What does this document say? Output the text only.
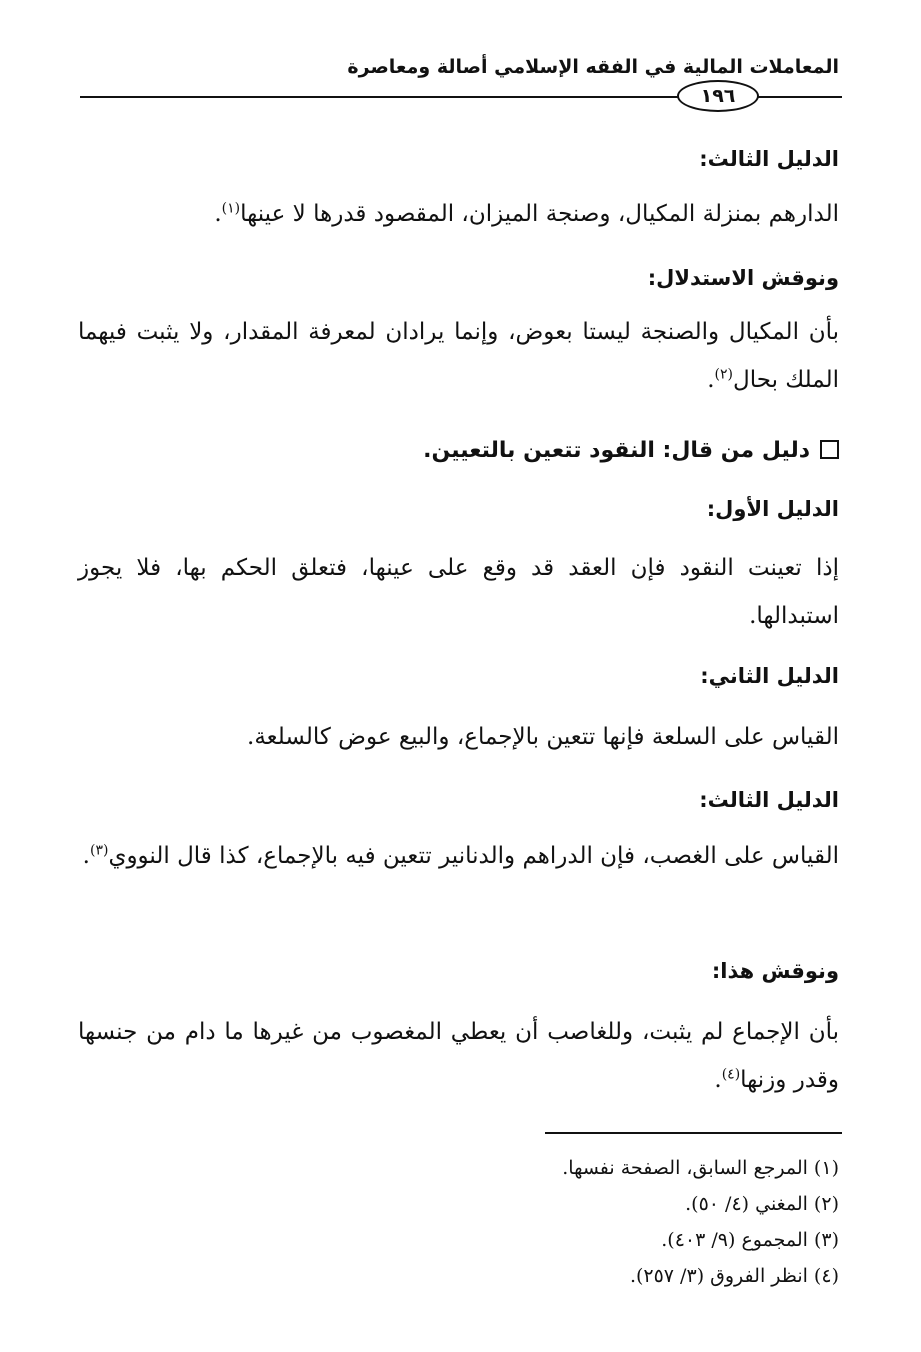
المعاملات المالية في الفقه الإسلامي أصالة ومعاصرة
١٩٦
الدليل الثالث:
الدارهم بمنزلة المكيال، وصنجة الميزان، المقصود قدرها لا عينها$^{(١)}$.
ونوقش الاستدلال:
بأن المكيال والصنجة ليستا بعوض، وإنما يرادان لمعرفة المقدار، ولا يثبت فيهما الملك بحال$^{(٢)}$.
دليل من قال: النقود تتعين بالتعيين.
الدليل الأول:
إذا تعينت النقود فإن العقد قد وقع على عينها، فتعلق الحكم بها، فلا يجوز استبدالها.
الدليل الثاني:
القياس على السلعة فإنها تتعين بالإجماع، والبيع عوض كالسلعة.
الدليل الثالث:
القياس على الغصب، فإن الدراهم والدنانير تتعين فيه بالإجماع، كذا قال النووي$^{(٣)}$.
ونوقش هذا:
بأن الإجماع لم يثبت، وللغاصب أن يعطي المغصوب من غيرها ما دام من جنسها وقدر وزنها$^{(٤)}$.
(١) المرجع السابق، الصفحة نفسها.
(٢) المغني (٤/ ٥٠).
(٣) المجموع (٩/ ٤٠٣).
(٤) انظر الفروق (٣/ ٢٥٧).
